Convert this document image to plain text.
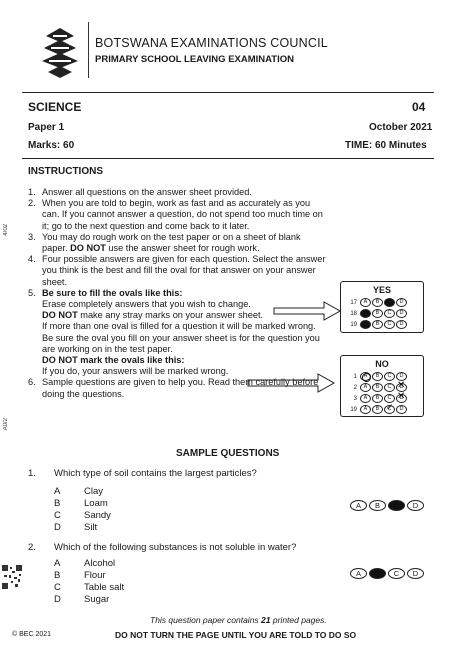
BOTSWANA EXAMINATIONS COUNCIL
PRIMARY SCHOOL LEAVING EXAMINATION
SCIENCE	04
Paper 1	October 2021
Marks: 60	TIME: 60 Minutes
INSTRUCTIONS
1. Answer all questions on the answer sheet provided.
2. When you are told to begin, work as fast and as accurately as you can. If you cannot answer a question, do not spend too much time on it; go to the next question and come back to it later.
3. You may do rough work on the test paper or on a sheet of blank paper. DO NOT use the answer sheet for rough work.
4. Four possible answers are given for each question. Select the answer you think is the best and fill the oval for that answer on your answer sheet.
5. Be sure to fill the ovals like this:
Erase completely answers that you wish to change.
DO NOT make any stray marks on your answer sheet.
If more than one oval is filled for a question it will be marked wrong.
Be sure the oval you fill on your answer sheet is for the question you are working on in the test paper.
DO NOT mark the ovals like this:
If you do, your answers will be marked wrong.
6. Sample questions are given to help you. Read them carefully before doing the questions.
YES
17	A	B	C	D
18	A	B	C	D
19	A	B	C	D
NO
1	A	B	C	D
2	A	B	C	✕ D
3	A	B	C	✕ D
19	A	B	✓ C	D
SAMPLE QUESTIONS
1. Which type of soil contains the largest particles?
A Clay
B Loam
C Sandy
D Silt
A	B	C	D
2. Which of the following substances is not soluble in water?
A Alcohol
B Flour
C Table salt
D Sugar
A	B	C	D
This question paper contains 21 printed pages.
© BEC 2021	DO NOT TURN THE PAGE UNTIL YOU ARE TOLD TO DO SO
4/02
A0/2
